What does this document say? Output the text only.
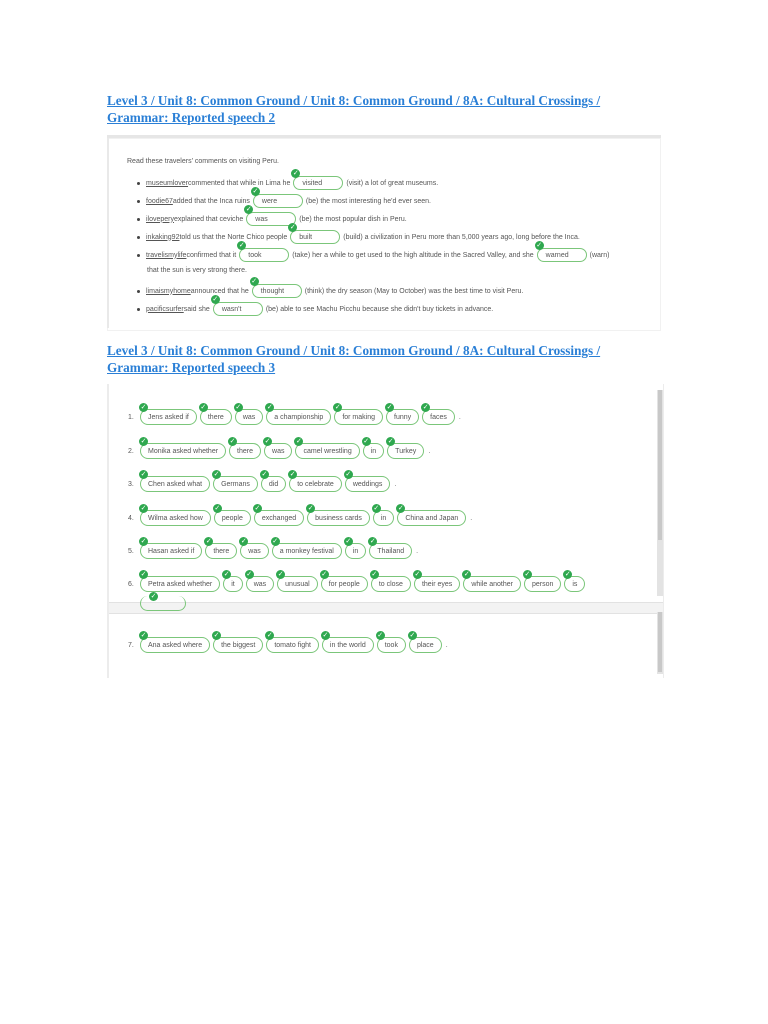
Level 3 / Unit 8: Common Ground / Unit 8: Common Ground / 8A: Cultural Crossings /
Grammar: Reported speech 2
Read these travelers' comments on visiting Peru.
museumlover commented that while in Lima he
✓
visited	(visit) a lot of great museums.
foodie67 added that the Inca ruins
✓
were	(be) the most interesting he'd ever seen.
ilovepery explained that ceviche
✓
was	(be) the most popular dish in Peru.
inkaking92 told us that the Norte Chico people
✓
built	(build) a civilization in Peru more than 5,000 years ago, long before the Inca.
travelismylife confirmed that it
✓
took	(take) her a while to get used to the high altitude in the Sacred Valley, and she
✓
warned	(warn)
that the sun is very strong there.
limaismyhome announced that he
✓
thought	(think) the dry season (May to October) was the best time to visit Peru.
pacificsurfer said she
✓
wasn't	(be) able to see Machu Picchu because she didn't buy tickets in advance.
Level 3 / Unit 8: Common Ground / Unit 8: Common Ground / 8A: Cultural Crossings /
Grammar: Reported speech 3
✓
1.
✓
Jens asked if
✓
there
✓
was
✓
a championship
✓
for making
✓
funny
✓
faces .
2.
✓
Monika asked whether
✓
there
✓
was
✓
camel wrestling
✓
in
✓
Turkey .
3.
✓
Chen asked what
✓
Germans
✓
did
✓
to celebrate
✓
weddings .
4.
✓
Wilma asked how
✓
people
✓
exchanged
✓
business cards
✓
in
✓
China and Japan .
5.
✓
Hasan asked if
✓
there
✓
was
✓
a monkey festival
✓
in
✓
Thailand .
6.
✓
Petra asked whether
✓
it
✓
was
✓
unusual
✓
for people
✓
to close
✓
their eyes
✓
while another
✓
person
✓
is
7.
✓
Ana asked where
✓
the biggest
✓
tomato fight
✓
in the world
✓
took
✓
place .
